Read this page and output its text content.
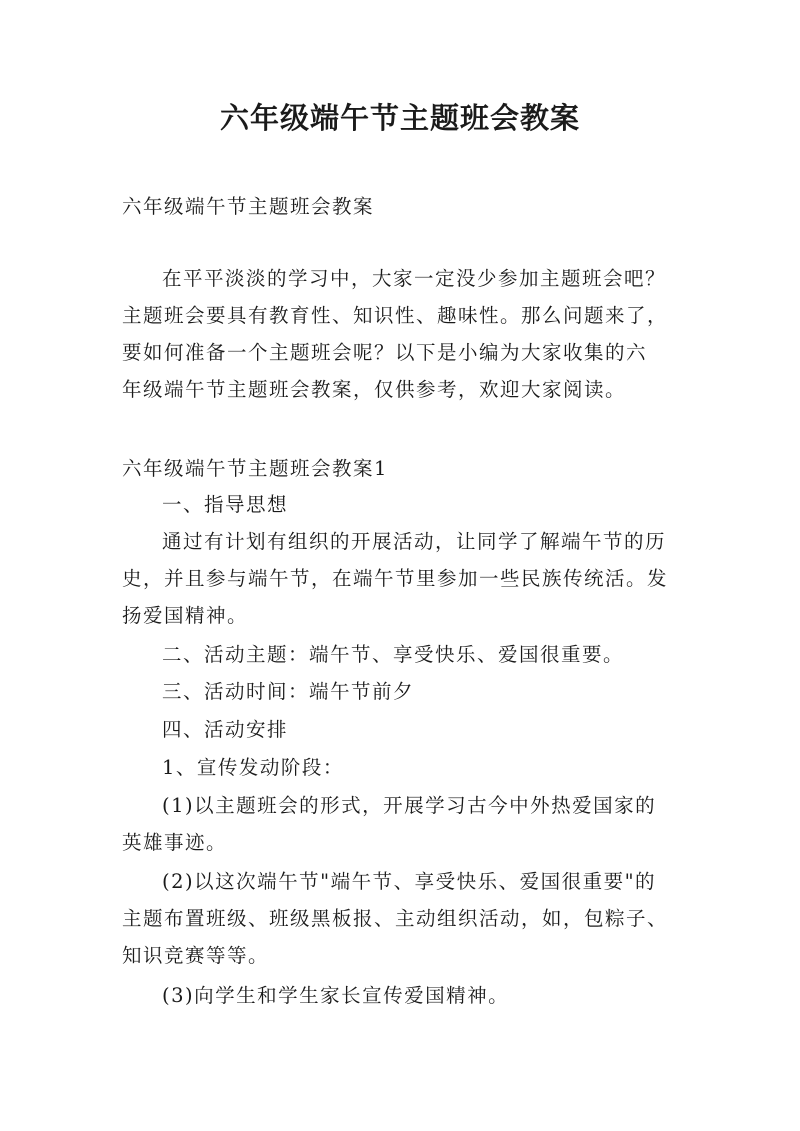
六年级端午节主题班会教案
六年级端午节主题班会教案
在平平淡淡的学习中，大家一定没少参加主题班会吧？
主题班会要具有教育性、知识性、趣味性。那么问题来了，
要如何准备一个主题班会呢？以下是小编为大家收集的六
年级端午节主题班会教案，仅供参考，欢迎大家阅读。
六年级端午节主题班会教案1
一、指导思想
通过有计划有组织的开展活动，让同学了解端午节的历
史，并且参与端午节，在端午节里参加一些民族传统活。发
扬爱国精神。
二、活动主题：端午节、享受快乐、爱国很重要。
三、活动时间：端午节前夕
四、活动安排
1、宣传发动阶段：
(1)以主题班会的形式，开展学习古今中外热爱国家的
英雄事迹。
(2)以这次端午节"端午节、享受快乐、爱国很重要"的
主题布置班级、班级黑板报、主动组织活动，如，包粽子、
知识竞赛等等。
(3)向学生和学生家长宣传爱国精神。
